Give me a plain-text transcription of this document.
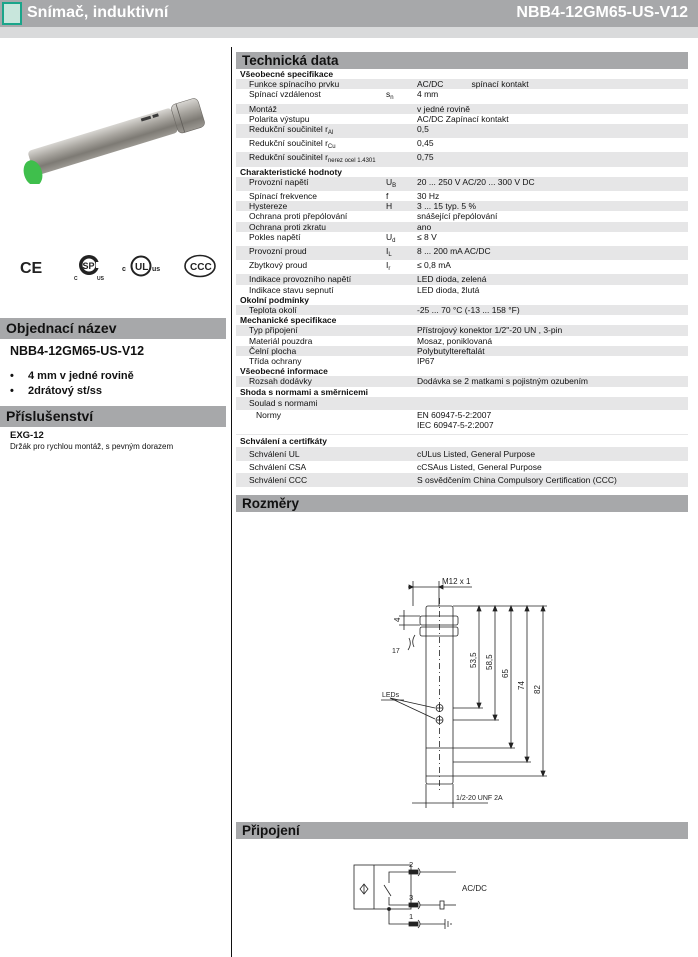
Snímač, induktivní	NBB4-12GM65-US-V12
CE	SP
C	US
c UL us	CCC
Objednací název
NBB4-12GM65-US-V12
• 4 mm v jedné rovině
• 2drátový st/ss
Příslušenství
EXG-12
Držák pro rychlou montáž, s pevným dorazem
Technická data
Všeobecné specifikace		
Funkce spínacího prvku		AC/DC spínací kontakt
Spínací vzdálenost	$s_n$	4 mm
Montáž		v jedné rovině
Polarita výstupu		AC/DC Zapínací kontakt
Redukční součinitel $r_{Al}$		0,5
Redukční součinitel $r_{Cu}$		0,45
Redukční součinitel $r_{nerez ocel 1.4301}$		0,75
Charakteristické hodnoty		
Provozní napětí	$U_B$	20 ... 250 V AC/20 ... 300 V DC
Spínací frekvence	f	30 Hz
Hystereze	H	3 ... 15 typ. 5 %
Ochrana proti přepólování		snášející přepólování
Ochrana proti zkratu		ano
Pokles napětí	$U_d$	≤ 8 V
Provozní proud	$I_L$	8 ... 200 mA AC/DC
Zbytkový proud	$I_r$	≤ 0,8 mA
Indikace provozního napětí		LED dioda, zelená
Indikace stavu sepnutí		LED dioda, žlutá
Okolní podmínky		
Teplota okolí		-25 ... 70 °C (-13 ... 158 °F)
Mechanické specifikace		
Typ připojení		Přístrojový konektor 1/2"-20 UN , 3-pin
Materiál pouzdra		Mosaz, poniklovaná
Čelní plocha		Polybutyltereftalát
Třída ochrany		IP67
Všeobecné informace		
Rozsah dodávky		Dodávka se 2 matkami s pojistným ozubením
Shoda s normami a směrnicemi		
Soulad s normami		
Normy		EN 60947-5-2:2007
IEC 60947-5-2:2007

Schválení a certifkáty		
Schválení UL		cULus Listed, General Purpose
Schválení CSA		cCSAus Listed, General Purpose
Schválení CCC		S osvědčením China Compulsory Certification (CCC)
Rozměry
M12 x 1
4
17
LEDs
1/2-20 UNF 2A
53,5 58,5
65
74 82
Připojení
2
3
1
AC/DC
